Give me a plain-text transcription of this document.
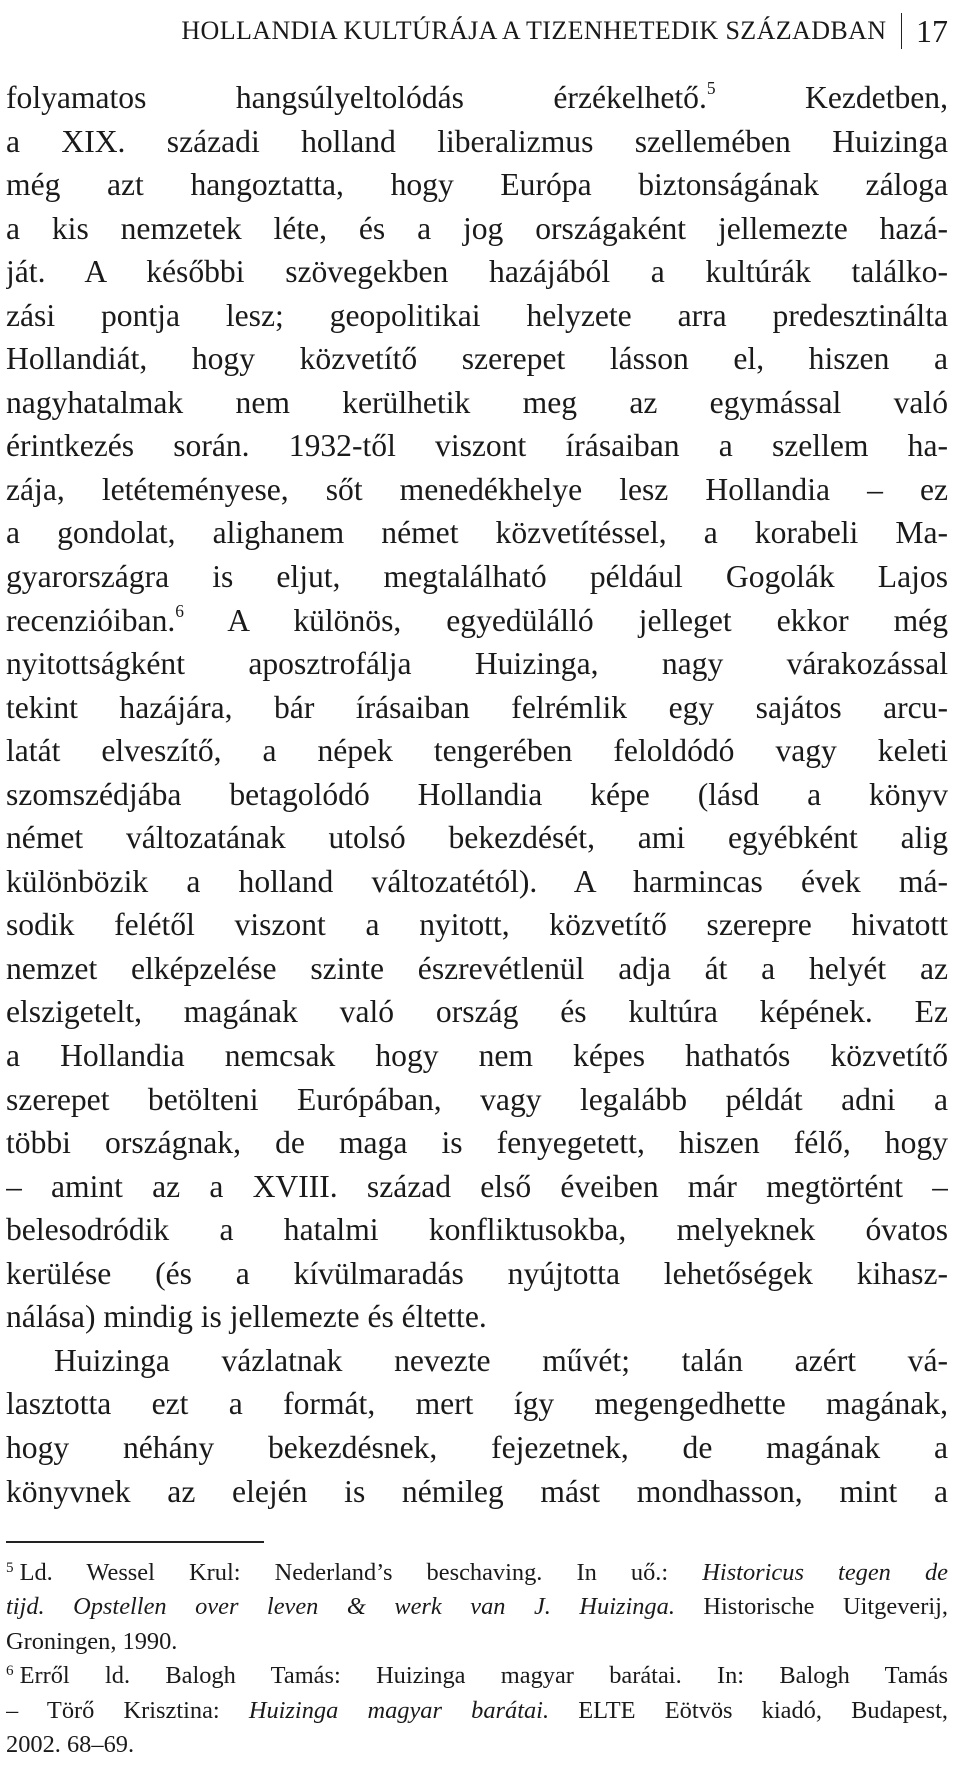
HOLLANDIA KULTÚRÁJA A TIZENHETEDIK SZÁZADBAN 17

folyamatos hangsúlyeltolódás érzékelhető.$^5$	Kezdetben,
a XIX. századi holland liberalizmus szellemében Huizinga
még azt hangoztatta, hogy Európa biztonságának záloga
a kis nemzetek léte, és a jog országaként jellemezte hazá-
ját. A későbbi szövegekben hazájából a kultúrák találko-
zási pontja lesz; geopolitikai helyzete arra predesztinálta
Hollandiát, hogy közvetítő szerepet lásson el, hiszen a
nagyhatalmak nem kerülhetik meg az egymással való
érintkezés során. 1932-től viszont írásaiban a szellem ha-
zája, letéteményese, sőt menedékhelye lesz Hollandia – ez
a gondolat, alighanem német közvetítéssel, a korabeli Ma-
gyarországra is eljut, megtalálható például Gogolák Lajos
recenzióiban.$^6$ A különös, egyedülálló jelleget ekkor még
nyitottságként aposztrofálja Huizinga, nagy várakozással
tekint hazájára, bár írásaiban felrémlik egy sajátos arcu-
latát elveszítő, a népek tengerében feloldódó vagy keleti
szomszédjába betagolódó Hollandia képe (lásd a könyv
német változatának utolsó bekezdését, ami egyébként alig
különbözik a holland változatétól). A harmincas évek má-
sodik felétől viszont a nyitott, közvetítő szerepre hivatott
nemzet elképzelése szinte észrevétlenül adja át a helyét az
elszigetelt, magának való ország és kultúra képének. Ez
a Hollandia nemcsak hogy nem képes hathatós közvetítő
szerepet betölteni Európában, vagy legalább példát adni a
többi országnak, de maga is fenyegetett, hiszen félő, hogy
– amint az a XVIII. század első éveiben már megtörtént –
belesodródik a hatalmi konfliktusokba, melyeknek óvatos
kerülése (és a kívülmaradás nyújtotta lehetőségek kihasz-
nálása) mindig is jellemezte és éltette.

Huizinga vázlatnak nevezte művét; talán azért vá-
lasztotta ezt a formát, mert így megengedhette magának,
hogy néhány bekezdésnek, fejezetnek, de magának a
könyvnek az elején is némileg mást mondhasson, mint a

$^5$ Ld. Wessel Krul: Nederland’s beschaving. In uő.: Historicus tegen de
tijd. Opstellen over leven & werk van J. Huizinga. Historische Uitgeverij,
Groningen, 1990.
$^6$ Erről ld. Balogh Tamás: Huizinga magyar barátai. In: Balogh Tamás
– Törő Krisztina: Huizinga magyar barátai. ELTE Eötvös kiadó, Budapest,
2002. 68–69.
